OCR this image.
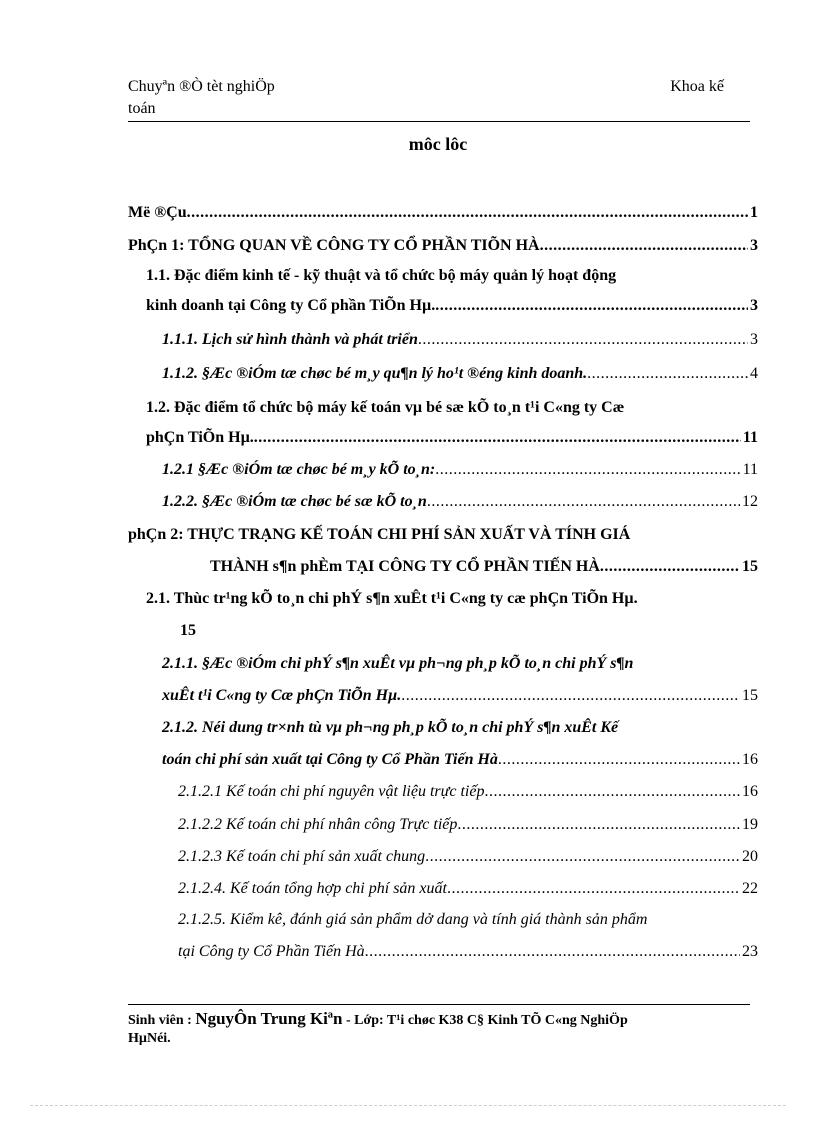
Chuyªn ®Ò tèt nghiÖp
toán
Khoa kế
môc lôc
Më ®Çu .....	1
PhÇn 1: TỔNG QUAN VỀ CÔNG TY CỔ PHẦN TIÕN HÀ .....	3
1.1. Đặc điểm kinh tế - kỹ thuật và tổ chức bộ máy quản lý hoạt động
kinh doanh tại Công ty Cổ phần TiÕn Hµ. .....	3
1.1.1. Lịch sử hình thành và phát triển .....	3
1.1.2. §Æc ®iÓm tæ chøc bé m¸y qu¶n lý ho¹t ®éng kinh doanh. .....	4
1.2. Đặc điểm tổ chức bộ máy kế toán vµ bé sæ kÕ to¸n t¹i C«ng ty Cæ
phÇn TiÕn Hµ. .....	11
1.2.1 §Æc ®iÓm tæ chøc bé m¸y kÕ to¸n: .....	11
1.2.2. §Æc ®iÓm tæ chøc bé sæ kÕ to¸n .....	12
phÇn 2: THỰC TRẠNG KẾ TOÁN CHI PHÍ SẢN XUẤT VÀ TÍNH GIÁ
THÀNH s¶n phÈm TẠI CÔNG TY CỔ PHẦN TIẾN HÀ .....	15
2.1. Thùc tr¹ng kÕ to¸n chi phÝ s¶n xuÊt t¹i C«ng ty cæ phÇn TiÕn Hµ.
15
2.1.1. §Æc ®iÓm chi phÝ s¶n xuÊt vµ ph¬ng ph¸p kÕ to¸n chi phÝ s¶n
xuÊt t¹i C«ng ty Cæ phÇn TiÕn Hµ. .....	15
2.1.2. Néi dung tr×nh tù vµ ph¬ng ph¸p kÕ to¸n chi phÝ s¶n xuÊt Kế
toán chi phí sản xuất tại Công ty Cổ Phần Tiến Hà .....	16
2.1.2.1 Kế toán chi phí nguyên vật liệu trực tiếp .....	16
2.1.2.2 Kế toán chi phí nhân công Trực tiếp .....	19
2.1.2.3 Kế toán chi phí sản xuất chung .....	20
2.1.2.4. Kế toán tổng hợp chi phí sản xuất .....	22
2.1.2.5. Kiểm kê, đánh giá sản phẩm dở dang và tính giá thành sản phẩm
tại Công ty Cổ Phần Tiến Hà .....	23
Sinh viên : NguyÔn Trung Kiªn - Lớp: T¹i chøc K38 C§ Kinh TÕ C«ng NghiÖp
HµNéi.
